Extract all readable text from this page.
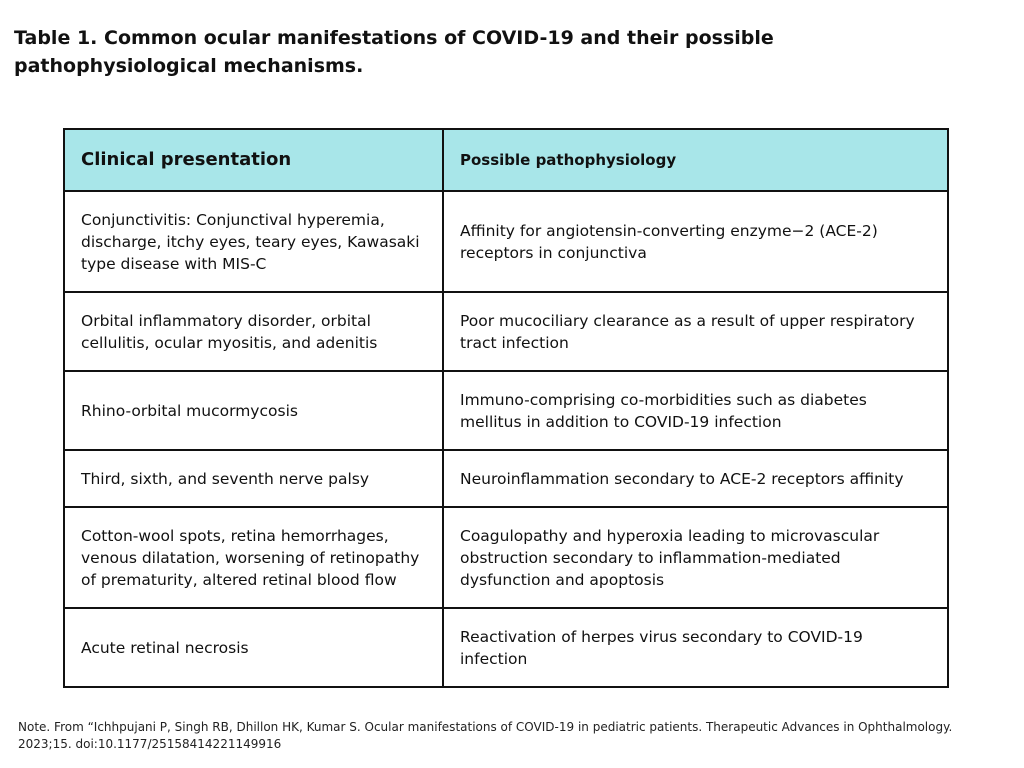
Table 1. Common ocular manifestations of COVID-19 and their possible pathophysiological mechanisms.
Clinical presentation	Possible pathophysiology
Conjunctivitis: Conjunctival hyperemia, discharge, itchy eyes, teary eyes, Kawasaki type disease with MIS-C	Affinity for angiotensin-converting enzyme−2 (ACE-2) receptors in conjunctiva
Orbital inflammatory disorder, orbital cellulitis, ocular myositis, and adenitis	Poor mucociliary clearance as a result of upper respiratory tract infection
Rhino-orbital mucormycosis	Immuno-comprising co-morbidities such as diabetes mellitus in addition to COVID-19 infection
Third, sixth, and seventh nerve palsy	Neuroinflammation secondary to ACE-2 receptors affinity
Cotton-wool spots, retina hemorrhages, venous dilatation, worsening of retinopathy of prematurity, altered retinal blood flow	Coagulopathy and hyperoxia leading to microvascular obstruction secondary to inflammation-mediated dysfunction and apoptosis
Acute retinal necrosis	Reactivation of herpes virus secondary to COVID-19 infection

Note. From “Ichhpujani P, Singh RB, Dhillon HK, Kumar S. Ocular manifestations of COVID-19 in pediatric patients. Therapeutic Advances in Ophthalmology. 2023;15. doi:10.1177/25158414221149916
